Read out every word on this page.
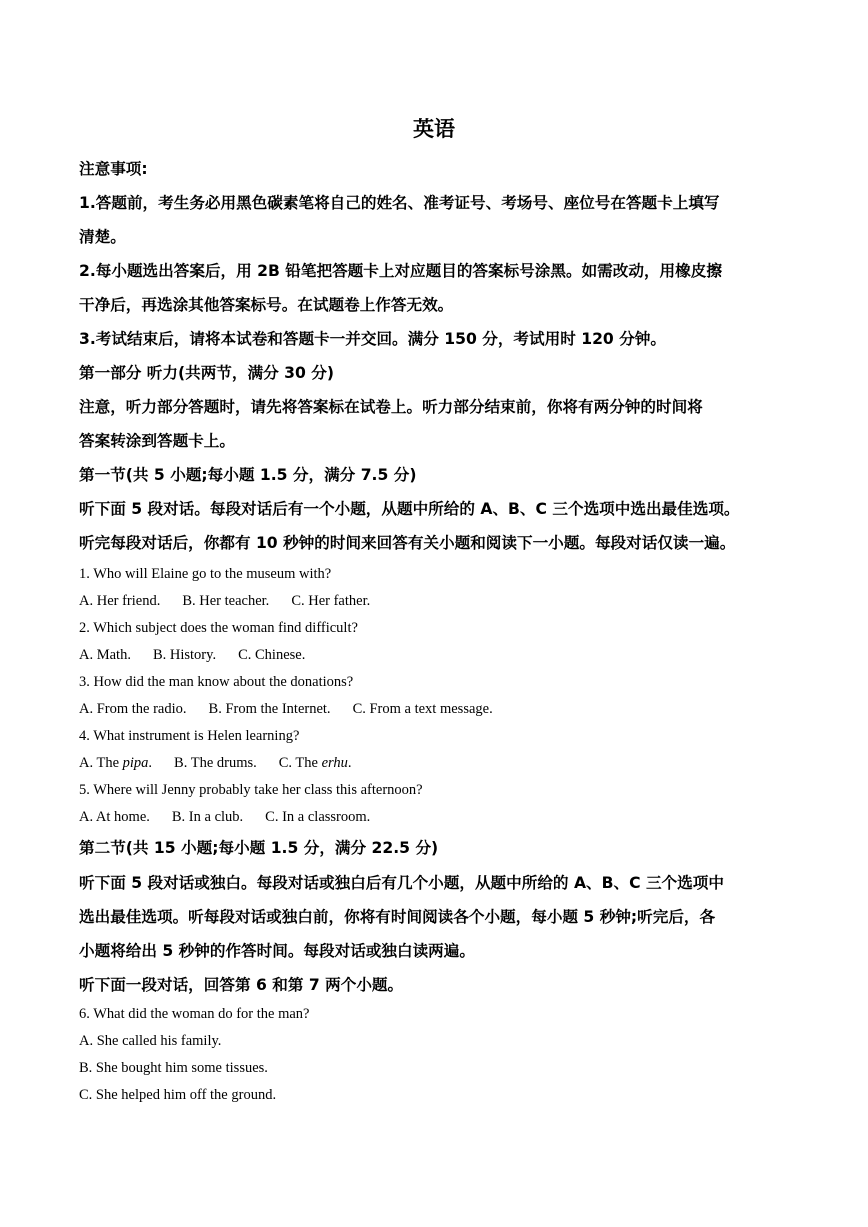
英语
注意事项:
1.答题前，考生务必用黑色碳素笔将自己的姓名、准考证号、考场号、座位号在答题卡上填写
清楚。
2.每小题选出答案后，用 2B 铅笔把答题卡上对应题目的答案标号涂黑。如需改动，用橡皮擦
干净后，再选涂其他答案标号。在试题卷上作答无效。
3.考试结束后，请将本试卷和答题卡一并交回。满分 150 分，考试用时 120 分钟。
第一部分 听力(共两节，满分 30 分)
注意，听力部分答题时，请先将答案标在试卷上。听力部分结束前，你将有两分钟的时间将
答案转涂到答题卡上。
第一节(共 5 小题;每小题 1.5 分，满分 7.5 分)
听下面 5 段对话。每段对话后有一个小题，从题中所给的 A、B、C 三个选项中选出最佳选项。
听完每段对话后，你都有 10 秒钟的时间来回答有关小题和阅读下一小题。每段对话仅读一遍。
1. Who will Elaine go to the museum with?
A. Her friend. B. Her teacher. C. Her father.
2. Which subject does the woman find difficult?
A. Math. B. History. C. Chinese.
3. How did the man know about the donations?
A. From the radio. B. From the Internet. C. From a text message.
4. What instrument is Helen learning?
A. The pipa. B. The drums. C. The erhu.
5. Where will Jenny probably take her class this afternoon?
A. At home. B. In a club. C. In a classroom.
第二节(共 15 小题;每小题 1.5 分，满分 22.5 分)
听下面 5 段对话或独白。每段对话或独白后有几个小题，从题中所给的 A、B、C 三个选项中
选出最佳选项。听每段对话或独白前，你将有时间阅读各个小题，每小题 5 秒钟;听完后，各
小题将给出 5 秒钟的作答时间。每段对话或独白读两遍。
听下面一段对话，回答第 6 和第 7 两个小题。
6. What did the woman do for the man?
A. She called his family.
B. She bought him some tissues.
C. She helped him off the ground.
